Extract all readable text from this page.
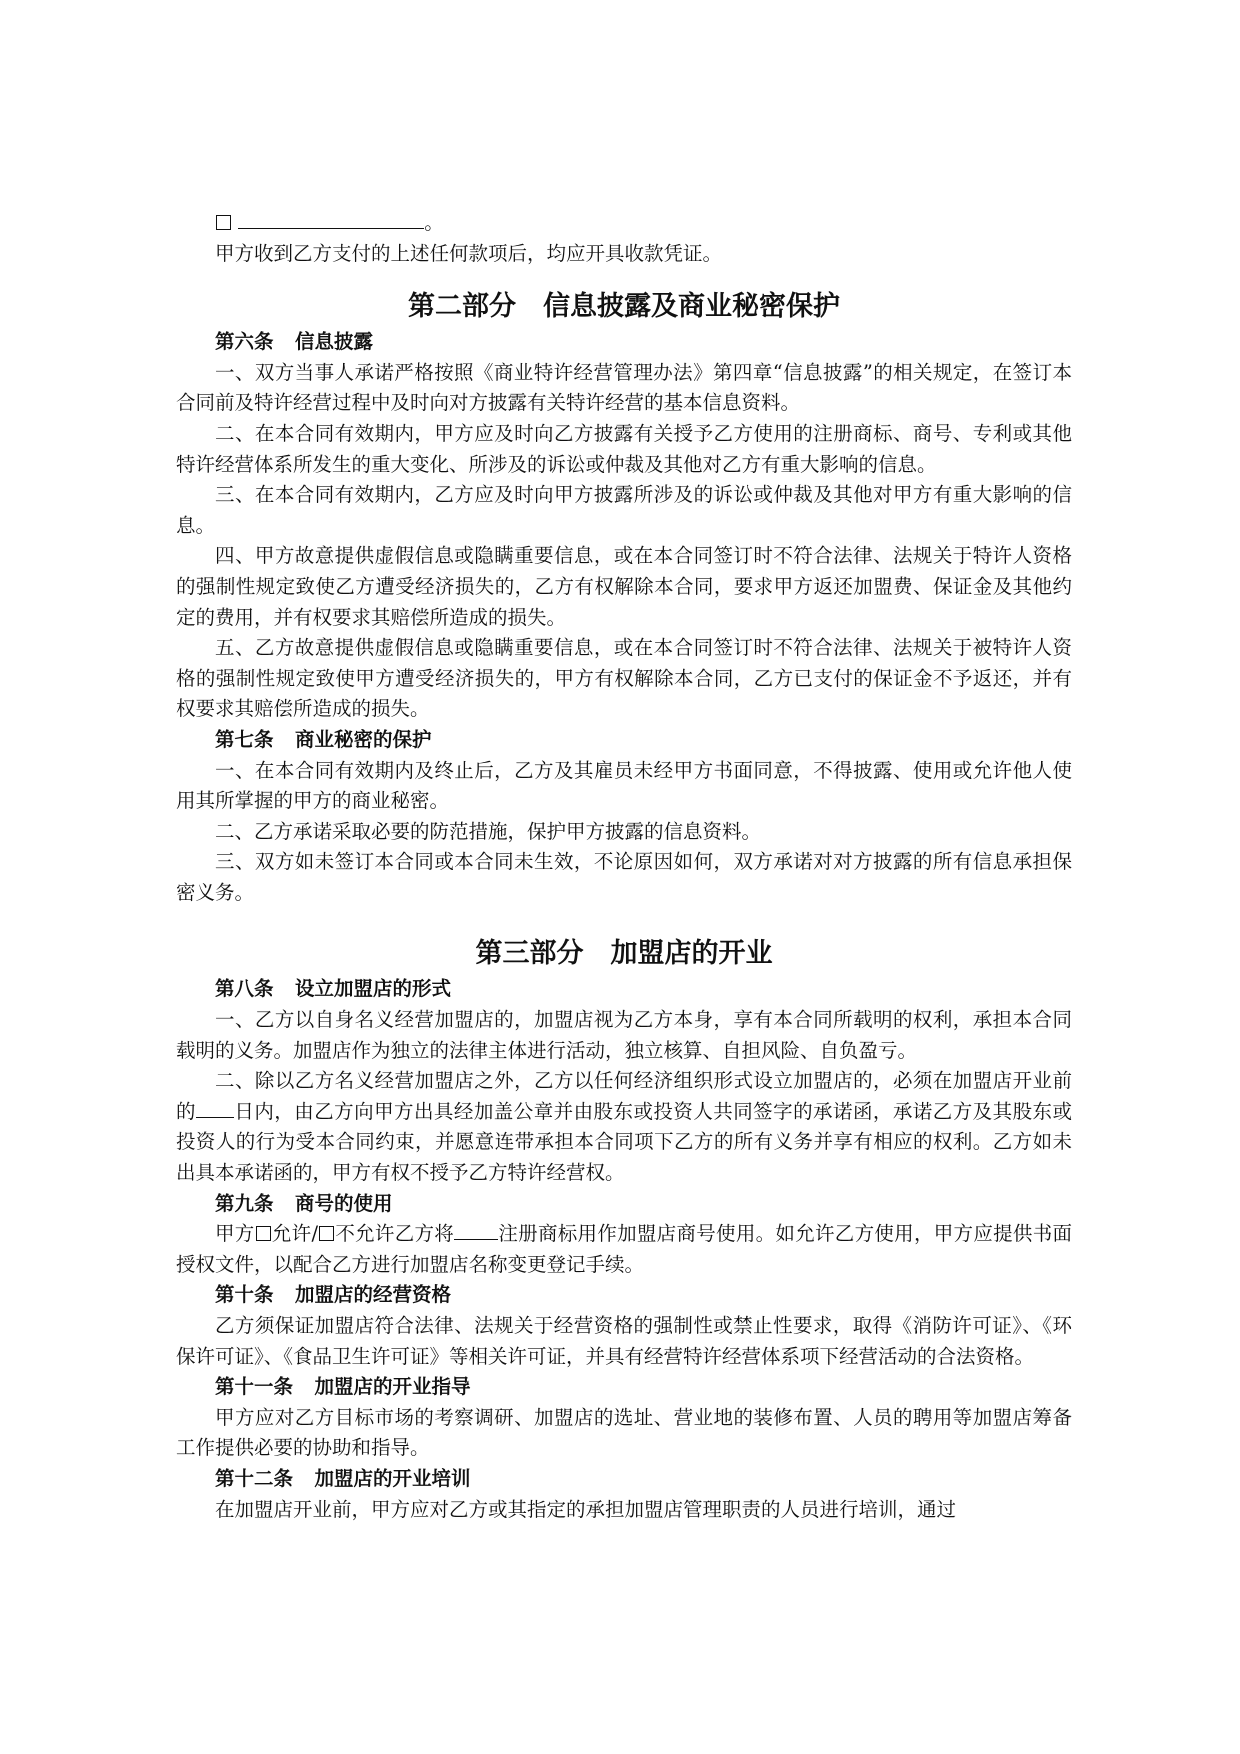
。

甲方收到乙方支付的上述任何款项后，均应开具收款凭证。

第二部分　信息披露及商业秘密保护

第六条 信息披露

一、双方当事人承诺严格按照《商业特许经营管理办法》第四章“信息披露”的相关规定，在签订本合同前及特许经营过程中及时向对方披露有关特许经营的基本信息资料。

二、在本合同有效期内，甲方应及时向乙方披露有关授予乙方使用的注册商标、商号、专利或其他特许经营体系所发生的重大变化、所涉及的诉讼或仲裁及其他对乙方有重大影响的信息。

三、在本合同有效期内，乙方应及时向甲方披露所涉及的诉讼或仲裁及其他对甲方有重大影响的信息。

四、甲方故意提供虚假信息或隐瞒重要信息，或在本合同签订时不符合法律、法规关于特许人资格的强制性规定致使乙方遭受经济损失的，乙方有权解除本合同，要求甲方返还加盟费、保证金及其他约定的费用，并有权要求其赔偿所造成的损失。

五、乙方故意提供虚假信息或隐瞒重要信息，或在本合同签订时不符合法律、法规关于被特许人资格的强制性规定致使甲方遭受经济损失的，甲方有权解除本合同，乙方已支付的保证金不予返还，并有权要求其赔偿所造成的损失。

第七条 商业秘密的保护

一、在本合同有效期内及终止后，乙方及其雇员未经甲方书面同意，不得披露、使用或允许他人使用其所掌握的甲方的商业秘密。

二、乙方承诺采取必要的防范措施，保护甲方披露的信息资料。

三、双方如未签订本合同或本合同未生效，不论原因如何，双方承诺对对方披露的所有信息承担保密义务。

第三部分　加盟店的开业

第八条 设立加盟店的形式

一、乙方以自身名义经营加盟店的，加盟店视为乙方本身，享有本合同所载明的权利，承担本合同载明的义务。加盟店作为独立的法律主体进行活动，独立核算、自担风险、自负盈亏。

二、除以乙方名义经营加盟店之外，乙方以任何经济组织形式设立加盟店的，必须在加盟店开业前的 日内，由乙方向甲方出具经加盖公章并由股东或投资人共同签字的承诺函，承诺乙方及其股东或投资人的行为受本合同约束，并愿意连带承担本合同项下乙方的所有义务并享有相应的权利。乙方如未出具本承诺函的，甲方有权不授予乙方特许经营权。

第九条 商号的使用

甲方 允许/ 不允许乙方将 注册商标用作加盟店商号使用。如允许乙方使用，甲方应提供书面授权文件，以配合乙方进行加盟店名称变更登记手续。

第十条 加盟店的经营资格

乙方须保证加盟店符合法律、法规关于经营资格的强制性或禁止性要求，取得《消防许可证》、《环保许可证》、《食品卫生许可证》等相关许可证，并具有经营特许经营体系项下经营活动的合法资格。

第十一条 加盟店的开业指导

甲方应对乙方目标市场的考察调研、加盟店的选址、营业地的装修布置、人员的聘用等加盟店筹备工作提供必要的协助和指导。

第十二条 加盟店的开业培训

在加盟店开业前，甲方应对乙方或其指定的承担加盟店管理职责的人员进行培训，通过
